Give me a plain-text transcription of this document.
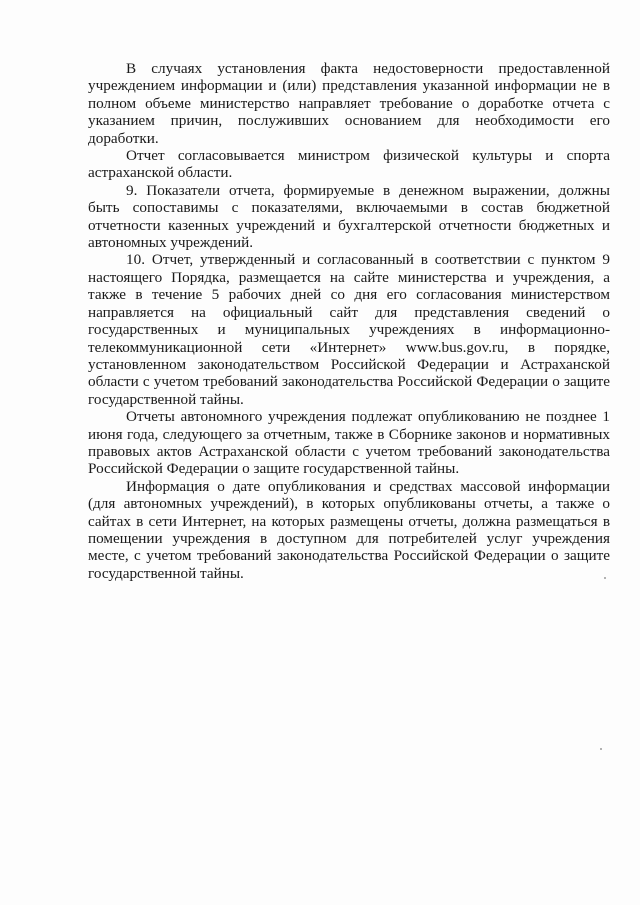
В случаях установления факта недостоверности предоставленной учреждением информации и (или) представления указанной информации не в полном объеме министерство направляет требование о доработке отчета с указанием причин, послуживших основанием для необходимости его доработки.

Отчет согласовывается министром физической культуры и спорта астраханской области.

9. Показатели отчета, формируемые в денежном выражении, должны быть сопоставимы с показателями, включаемыми в состав бюджетной отчетности казенных учреждений и бухгалтерской отчетности бюджетных и автономных учреждений.

10. Отчет, утвержденный и согласованный в соответствии с пунктом 9 настоящего Порядка, размещается на сайте министерства и учреждения, а также в течение 5 рабочих дней со дня его согласования министерством направляется на официальный сайт для представления сведений о государственных и муниципальных учреждениях в информационно-телекоммуникационной сети «Интернет» www.bus.gov.ru, в порядке, установленном законодательством Российской Федерации и Астраханской области с учетом требований законодательства Российской Федерации о защите государственной тайны.

Отчеты автономного учреждения подлежат опубликованию не позднее 1 июня года, следующего за отчетным, также в Сборнике законов и нормативных правовых актов Астраханской области с учетом требований законодательства Российской Федерации о защите государственной тайны.

Информация о дате опубликования и средствах массовой информации (для автономных учреждений), в которых опубликованы отчеты, а также о сайтах в сети Интернет, на которых размещены отчеты, должна размещаться в помещении учреждения в доступном для потребителей услуг учреждения месте, с учетом требований законодательства Российской Федерации о защите государственной тайны.
